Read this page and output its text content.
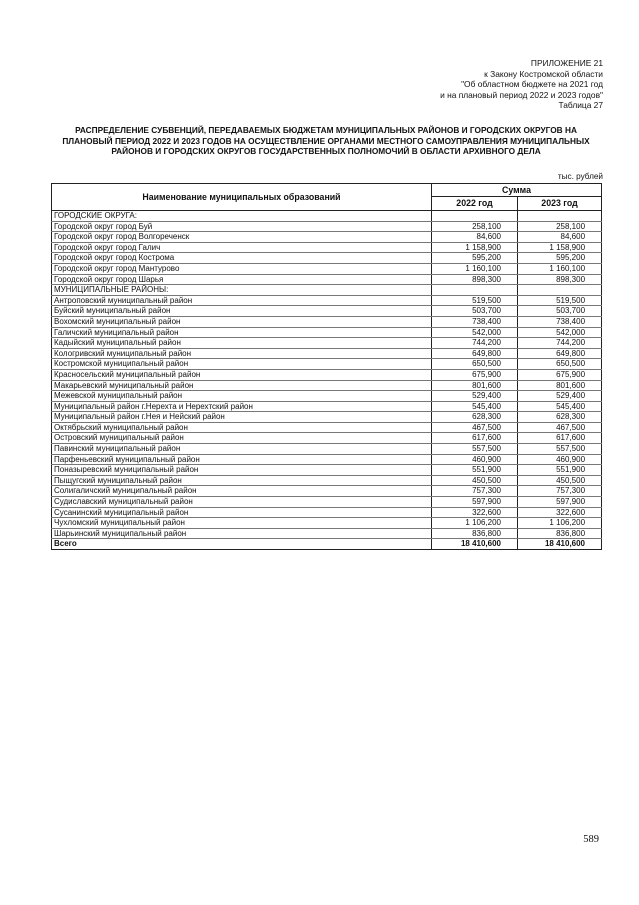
ПРИЛОЖЕНИЕ 21
к Закону Костромской области
"Об областном бюджете на 2021 год
и на плановый период 2022 и 2023 годов"
Таблица 27
РАСПРЕДЕЛЕНИЕ СУБВЕНЦИЙ, ПЕРЕДАВАЕМЫХ БЮДЖЕТАМ МУНИЦИПАЛЬНЫХ РАЙОНОВ И ГОРОДСКИХ ОКРУГОВ НА ПЛАНОВЫЙ ПЕРИОД 2022 И 2023 ГОДОВ НА ОСУЩЕСТВЛЕНИЕ ОРГАНАМИ МЕСТНОГО САМОУПРАВЛЕНИЯ МУНИЦИПАЛЬНЫХ РАЙОНОВ И ГОРОДСКИХ ОКРУГОВ ГОСУДАРСТВЕННЫХ ПОЛНОМОЧИЙ В ОБЛАСТИ АРХИВНОГО ДЕЛА
тыс. рублей
Наименование муниципальных образований	Сумма	
	2022 год	2023 год
ГОРОДСКИЕ ОКРУГА:		
Городской округ город Буй	258,100	258,100
Городской округ город Волгореченск	84,600	84,600
Городской округ город Галич	1 158,900	1 158,900
Городской округ город Кострома	595,200	595,200
Городской округ город Мантурово	1 160,100	1 160,100
Городской округ город Шарья	898,300	898,300
МУНИЦИПАЛЬНЫЕ РАЙОНЫ:		
Антроповский муниципальный район	519,500	519,500
Буйский муниципальный район	503,700	503,700
Вохомский муниципальный район	738,400	738,400
Галичский муниципальный район	542,000	542,000
Кадыйский муниципальный район	744,200	744,200
Кологривский муниципальный район	649,800	649,800
Костромской муниципальный район	650,500	650,500
Красносельский муниципальный район	675,900	675,900
Макарьевский муниципальный район	801,600	801,600
Межевской муниципальный район	529,400	529,400
Муниципальный район г.Нерехта и Нерехтский район	545,400	545,400
Муниципальный район г.Нея и Нейский район	628,300	628,300
Октябрьский муниципальный район	467,500	467,500
Островский муниципальный район	617,600	617,600
Павинский муниципальный район	557,500	557,500
Парфеньевский муниципальный район	460,900	460,900
Поназыревский муниципальный район	551,900	551,900
Пыщугский муниципальный район	450,500	450,500
Солигаличский муниципальный район	757,300	757,300
Судиславский муниципальный район	597,900	597,900
Сусанинский муниципальный район	322,600	322,600
Чухломский муниципальный район	1 106,200	1 106,200
Шарьинский муниципальный район	836,800	836,800
Всего	18 410,600	18 410,600
589
